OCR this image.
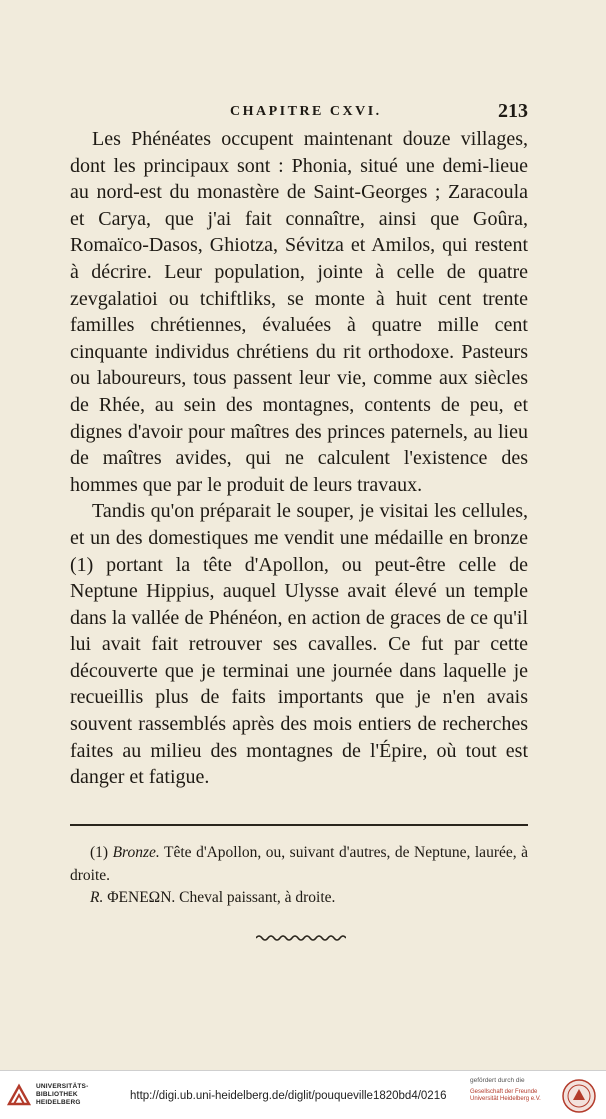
CHAPITRE CXVI.	213

Les Phénéates occupent maintenant douze villages, dont les principaux sont : Phonia, situé une demi-lieue au nord-est du monastère de Saint-Georges ; Zaracoula et Carya, que j'ai fait connaître, ainsi que Goûra, Romaïco-Dasos, Ghiotza, Sévitza et Amilos, qui restent à décrire. Leur population, jointe à celle de quatre zevgalatioi ou tchiftliks, se monte à huit cent trente familles chrétiennes, évaluées à quatre mille cent cinquante individus chrétiens du rit orthodoxe. Pasteurs ou laboureurs, tous passent leur vie, comme aux siècles de Rhée, au sein des montagnes, contents de peu, et dignes d'avoir pour maîtres des princes paternels, au lieu de maîtres avides, qui ne calculent l'existence des hommes que par le produit de leurs travaux.

Tandis qu'on préparait le souper, je visitai les cellules, et un des domestiques me vendit une médaille en bronze (1) portant la tête d'Apollon, ou peut-être celle de Neptune Hippius, auquel Ulysse avait élevé un temple dans la vallée de Phénéon, en action de graces de ce qu'il lui avait fait retrouver ses cavalles. Ce fut par cette découverte que je terminai une journée dans laquelle je recueillis plus de faits importants que je n'en avais souvent rassemblés après des mois entiers de recherches faites au milieu des montagnes de l'Épire, où tout est danger et fatigue.

(1) Bronze. Tête d'Apollon, ou, suivant d'autres, de Neptune, laurée, à droite.

R. ΦΕΝΕΩΝ. Cheval paissant, à droite.

UNIVERSITÄTS-
BIBLIOTHEK
HEIDELBERG
http://digi.ub.uni-heidelberg.de/diglit/pouqueville1820bd4/0216
gefördert durch die
Gesellschaft der Freunde
Universität Heidelberg e.V.
